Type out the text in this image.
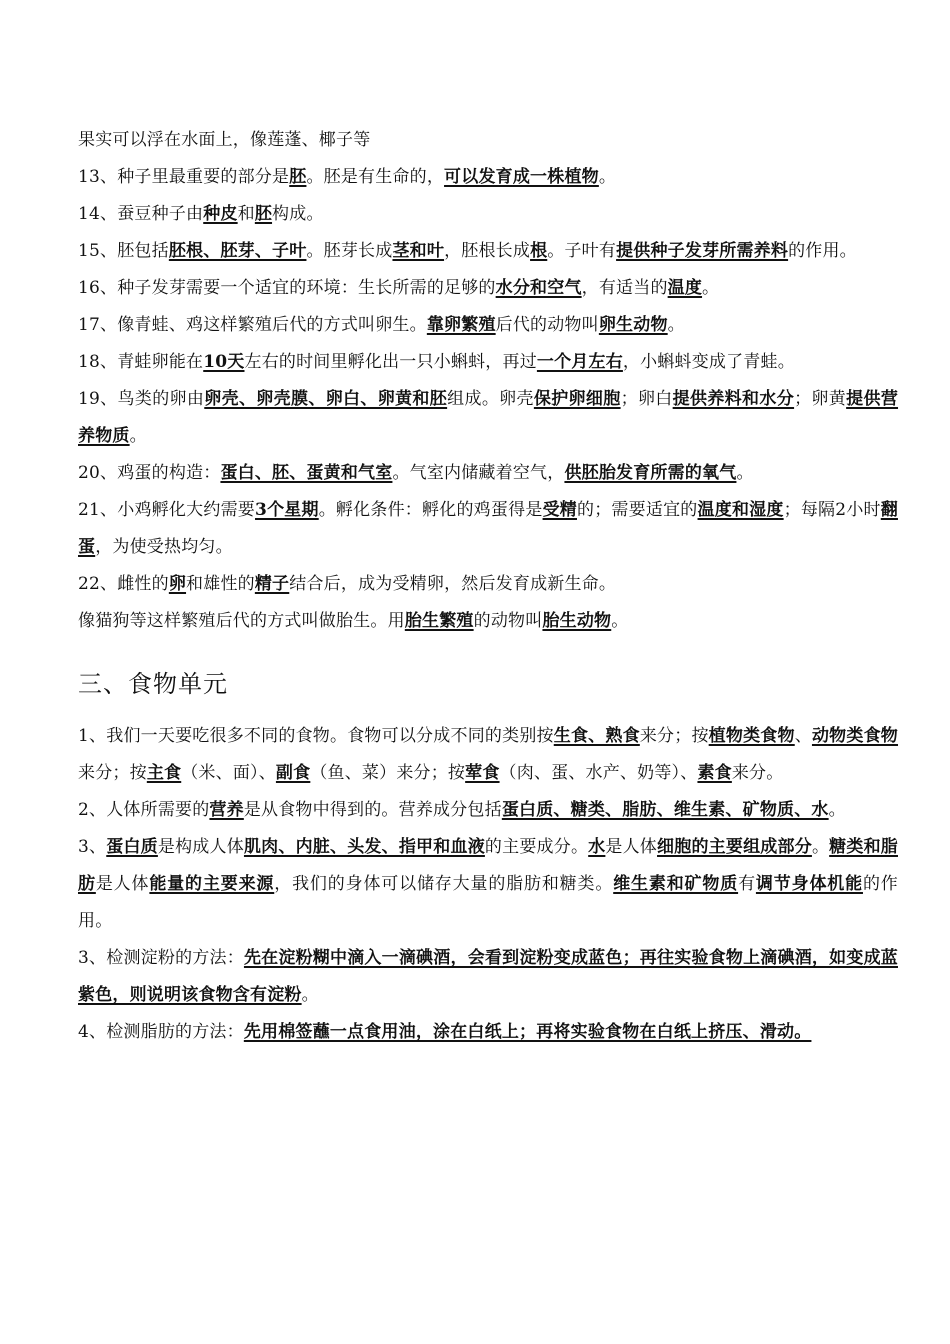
果实可以浮在水面上，像莲蓬、椰子等

13、种子里最重要的部分是胚。胚是有生命的，可以发育成一株植物。

14、蚕豆种子由种皮和胚构成。

15、胚包括胚根、胚芽、子叶。胚芽长成茎和叶，胚根长成根。子叶有提供种子发芽所需养料的作用。

16、种子发芽需要一个适宜的环境：生长所需的足够的水分和空气，有适当的温度。

17、像青蛙、鸡这样繁殖后代的方式叫卵生。靠卵繁殖后代的动物叫卵生动物。

18、青蛙卵能在10天左右的时间里孵化出一只小蝌蚪，再过一个月左右，小蝌蚪变成了青蛙。

19、鸟类的卵由卵壳、卵壳膜、卵白、卵黄和胚组成。卵壳保护卵细胞；卵白提供养料和水分；卵黄提供营养物质。

20、鸡蛋的构造：蛋白、胚、蛋黄和气室。气室内储藏着空气，供胚胎发育所需的氧气。

21、小鸡孵化大约需要3个星期。孵化条件：孵化的鸡蛋得是受精的；需要适宜的温度和湿度；每隔2小时翻蛋，为使受热均匀。

22、雌性的卵和雄性的精子结合后，成为受精卵，然后发育成新生命。

像猫狗等这样繁殖后代的方式叫做胎生。用胎生繁殖的动物叫胎生动物。

三、食物单元

1、我们一天要吃很多不同的食物。食物可以分成不同的类别按生食、熟食来分；按植物类食物、动物类食物来分；按主食（米、面）、副食（鱼、菜）来分；按荤食（肉、蛋、水产、奶等）、素食来分。

2、人体所需要的营养是从食物中得到的。营养成分包括蛋白质、糖类、脂肪、维生素、矿物质、水。

3、蛋白质是构成人体肌肉、内脏、头发、指甲和血液的主要成分。水是人体细胞的主要组成部分。糖类和脂肪是人体能量的主要来源，我们的身体可以储存大量的脂肪和糖类。维生素和矿物质有调节身体机能的作用。

3、检测淀粉的方法：先在淀粉糊中滴入一滴碘酒，会看到淀粉变成蓝色；再往实验食物上滴碘酒，如变成蓝紫色，则说明该食物含有淀粉。

4、检测脂肪的方法：先用棉签蘸一点食用油，涂在白纸上；再将实验食物在白纸上挤压、滑动。
